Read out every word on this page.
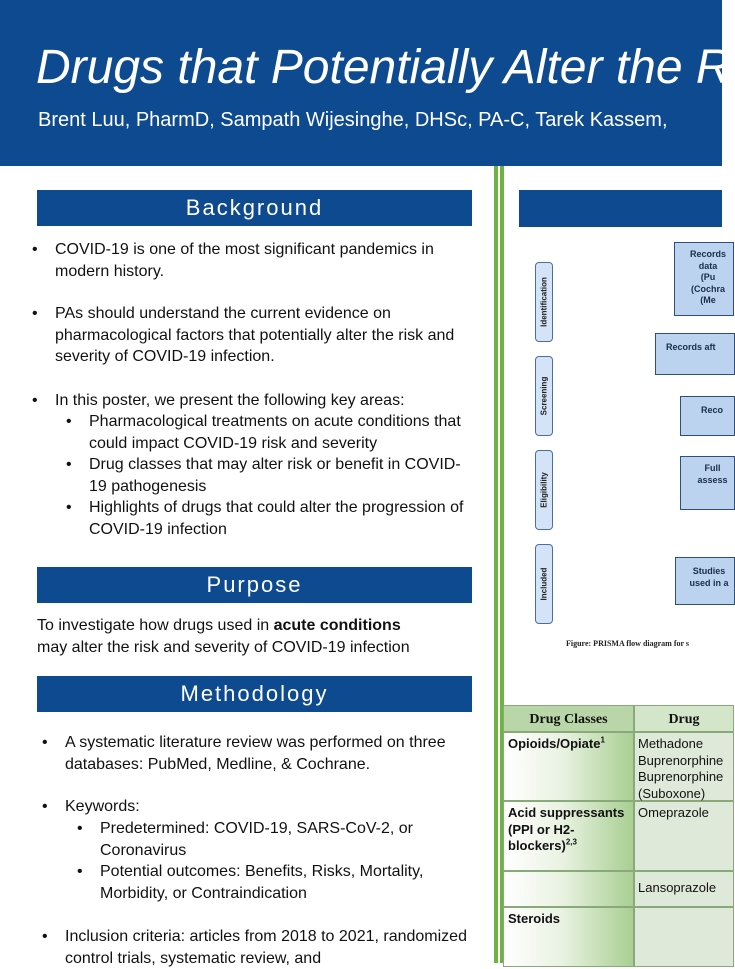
Drugs that Potentially Alter the R
Brent Luu, PharmD, Sampath Wijesinghe, DHSc, PA-C, Tarek Kassem,
Background
• COVID-19 is one of the most significant pandemics in modern history.
• PAs should understand the current evidence on pharmacological factors that potentially alter the risk and severity of COVID-19 infection.
• In this poster, we present the following key areas:
• Pharmacological treatments on acute conditions that could impact COVID-19 risk and severity
• Drug classes that may alter risk or benefit in COVID-19 pathogenesis
• Highlights of drugs that could alter the progression of COVID-19 infection
Purpose
To investigate how drugs used in acute conditions
may alter the risk and severity of COVID-19 infection
Methodology
• A systematic literature review was performed on three databases: PubMed, Medline, & Cochrane.
• Keywords:
• Predetermined: COVID-19, SARS-CoV-2, or Coronavirus
• Potential outcomes: Benefits, Risks, Mortality, Morbidity, or Contraindication
• Inclusion criteria: articles from 2018 to 2021, randomized control trials, systematic review, and
Identification
Screening
Eligibility
Included
Records
data
(Pu
(Cochra
(Me
Records aft
Reco
Full
assess
Studies
used in a
Figure: PRISMA flow diagram for s
Drug Classes	Drug
Opioids/Opiate$^1$	Methadone
Buprenorphine
Buprenorphine
(Suboxone)
Acid suppressants (PPI or H2-blockers)$^{2,3}$
Omeprazole
Lansoprazole
Steroids
